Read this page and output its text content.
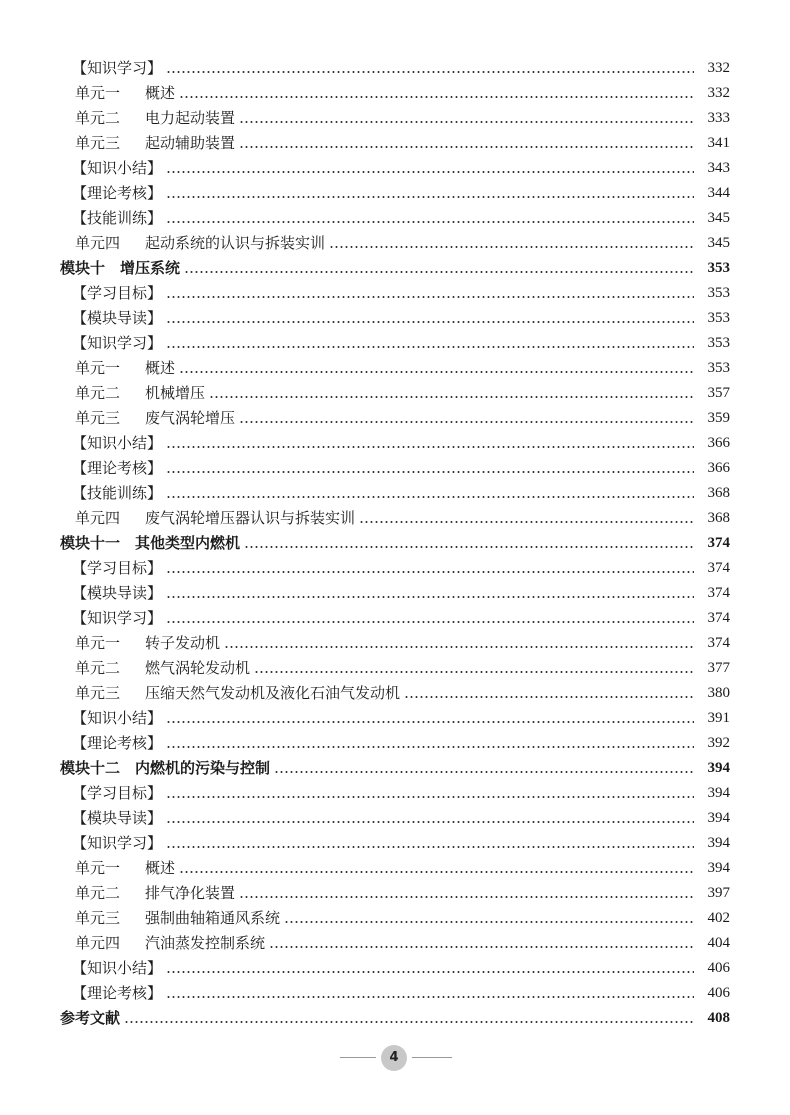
【知识学习】	332
单元一 概述	332
单元二 电力起动装置	333
单元三 起动辅助装置	341
【知识小结】	343
【理论考核】	344
【技能训练】	345
单元四 起动系统的认识与拆装实训	345
模块十　增压系统	353
【学习目标】	353
【模块导读】	353
【知识学习】	353
单元一 概述	353
单元二 机械增压	357
单元三 废气涡轮增压	359
【知识小结】	366
【理论考核】	366
【技能训练】	368
单元四 废气涡轮增压器认识与拆装实训	368
模块十一　其他类型内燃机	374
【学习目标】	374
【模块导读】	374
【知识学习】	374
单元一 转子发动机	374
单元二 燃气涡轮发动机	377
单元三 压缩天然气发动机及液化石油气发动机	380
【知识小结】	391
【理论考核】	392
模块十二　内燃机的污染与控制	394
【学习目标】	394
【模块导读】	394
【知识学习】	394
单元一 概述	394
单元二 排气净化装置	397
单元三 强制曲轴箱通风系统	402
单元四 汽油蒸发控制系统	404
【知识小结】	406
【理论考核】	406
参考文献	408
4
